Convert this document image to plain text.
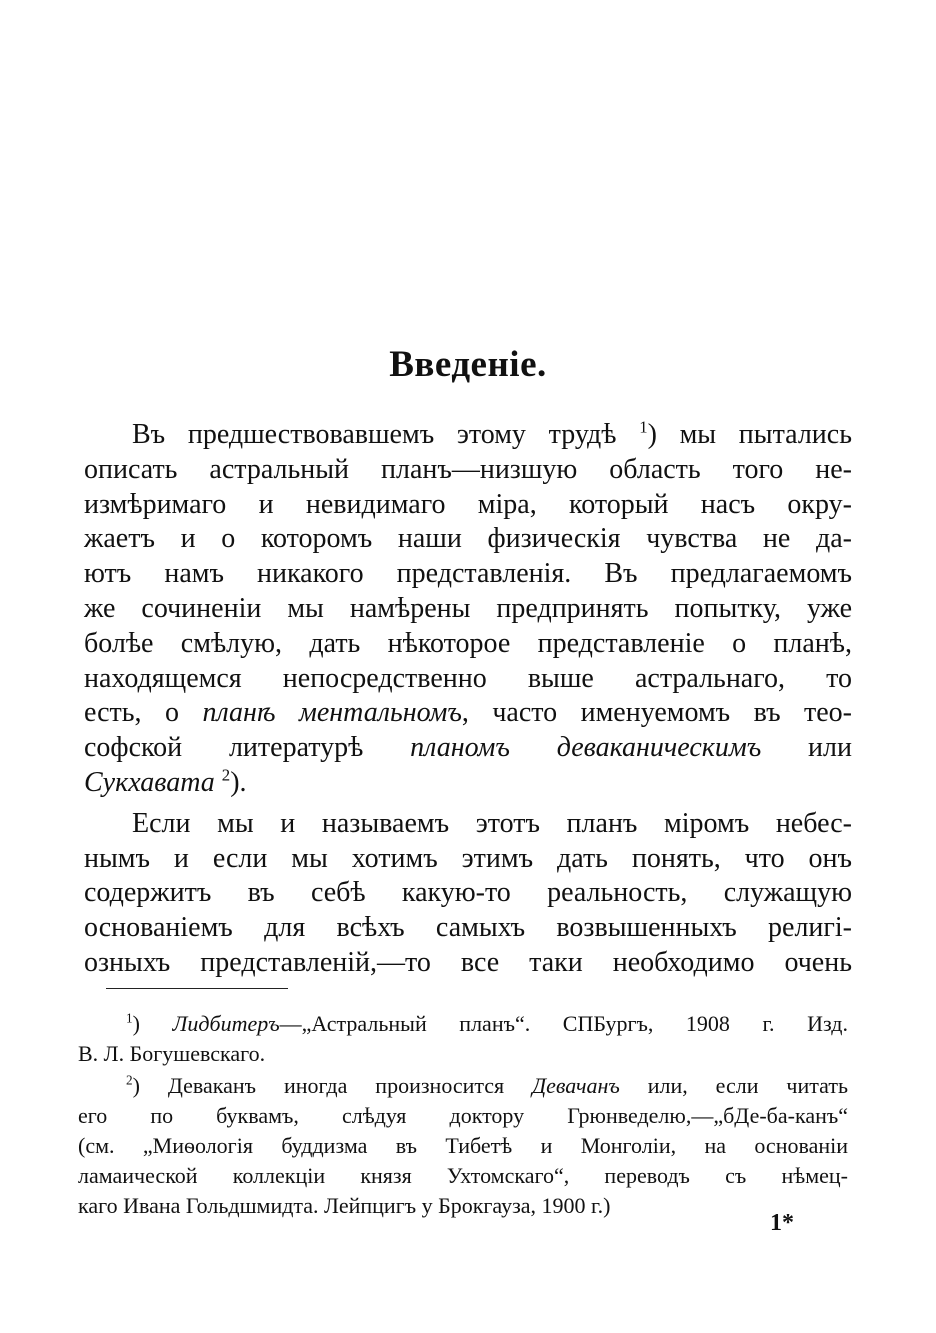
Введеніе.
Въ предшествовавшемъ этому трудѣ $^1$) мы пытались
описать астральный планъ—низшую область того не-
измѣримаго и невидимаго міра, который насъ окру-
жаетъ и о которомъ наши физическія чувства не да-
ютъ намъ никакого представленія. Въ предлагаемомъ
же сочиненіи мы намѣрены предпринять попытку, уже
болѣе смѣлую, дать нѣкоторое представленіе о планѣ,
находящемся непосредственно выше астральнаго, то
есть, о планѣ ментальномъ, часто именуемомъ въ тео-
софской литературѣ планомъ деваканическимъ или
Сукхавата $^2$).
Если мы и называемъ этотъ планъ міромъ небес-
нымъ и если мы хотимъ этимъ дать понять, что онъ
содержитъ въ себѣ какую-то реальность, служащую
основаніемъ для всѣхъ самыхъ возвышенныхъ религі-
озныхъ представленій,—то все таки необходимо очень
$^1$) Лидбитеръ—„Астральный планъ“. СПБургъ, 1908 г. Изд.
В. Л. Богушевскаго.
$^2$) Деваканъ иногда произносится Девачанъ или, если читать
его по буквамъ, слѣдуя доктору Грюнведелю,—„бДе-ба-канъ“
(см. „Миѳологія буддизма въ Тибетѣ и Монголіи, на основаніи
ламаической коллекціи князя Ухтомскаго“, переводъ съ нѣмец-
каго Ивана Гольдшмидта. Лейпцигъ у Брокгауза, 1900 г.)
1*
